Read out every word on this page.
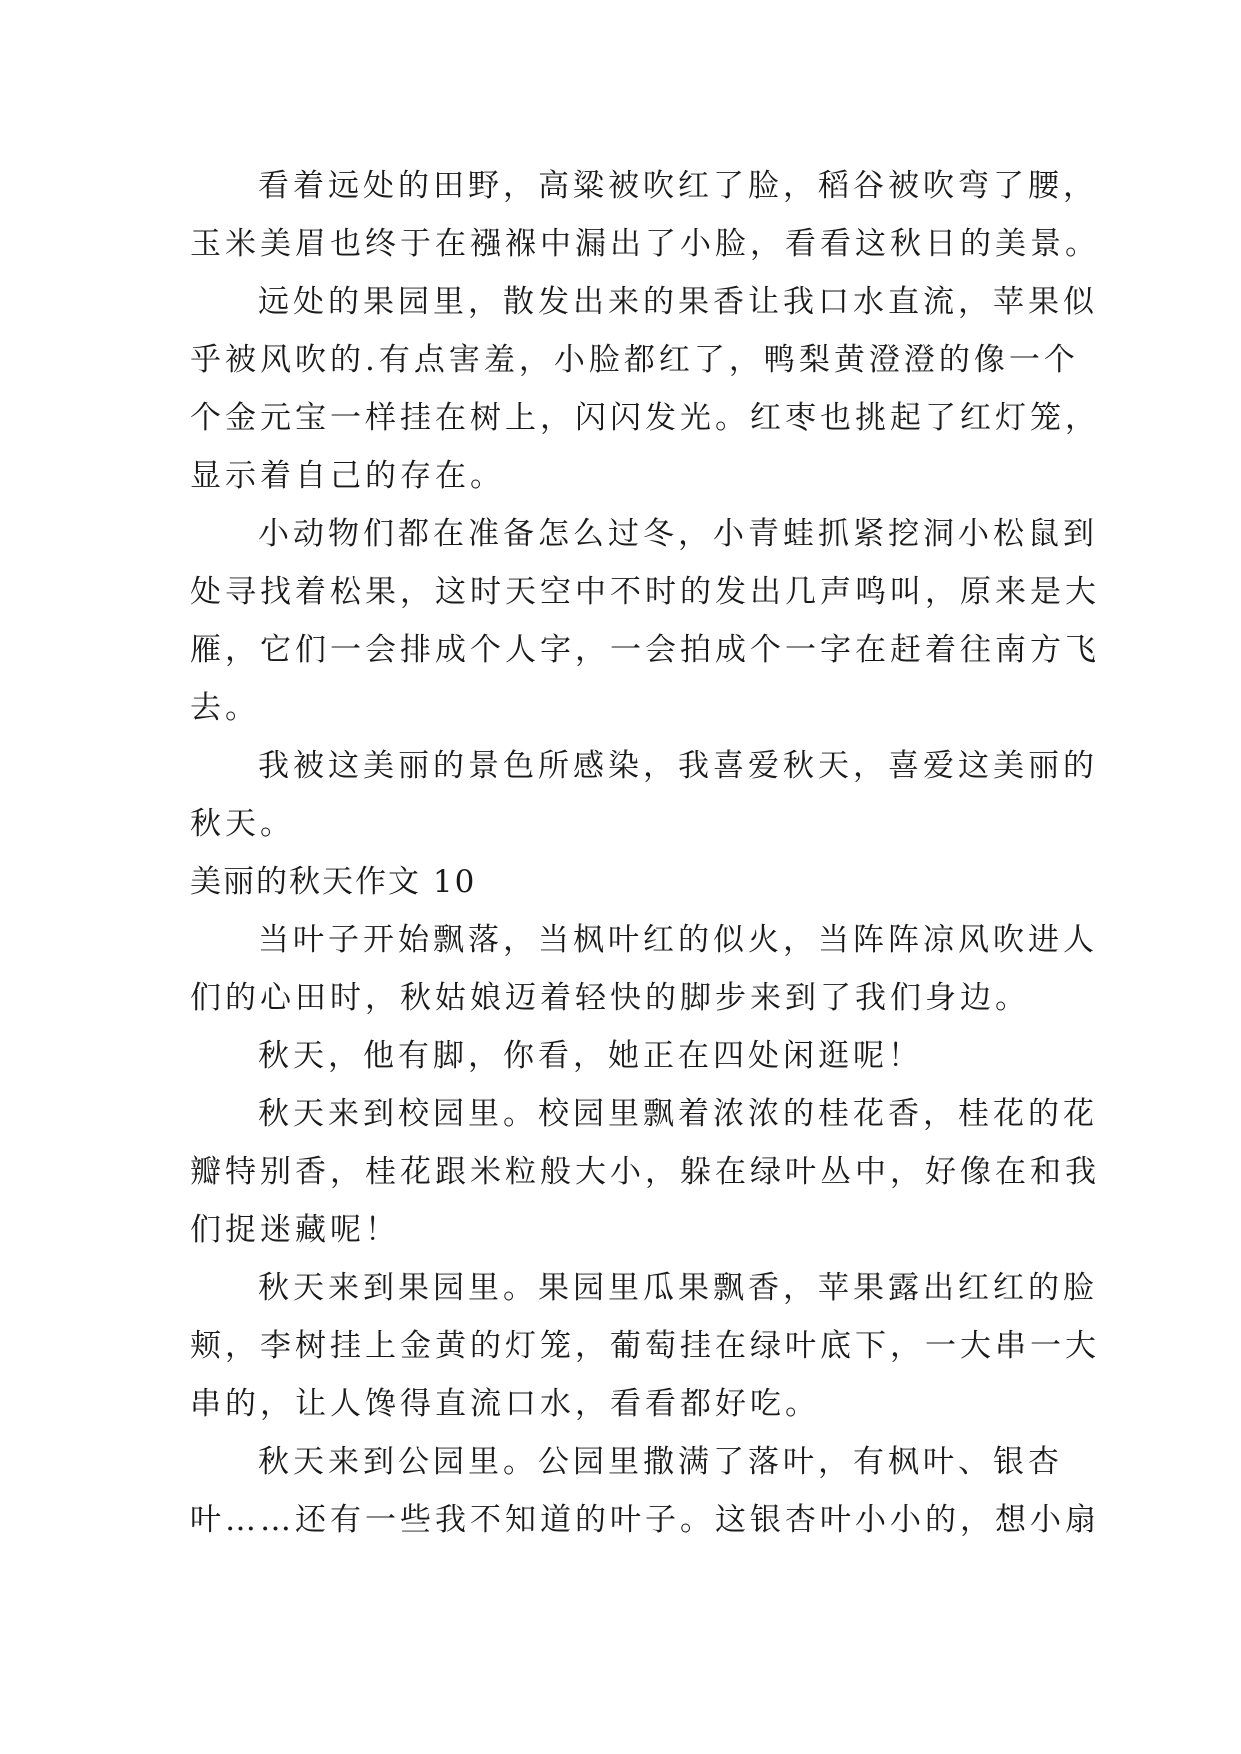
看着远处的田野，高粱被吹红了脸，稻谷被吹弯了腰，
玉米美眉也终于在襁褓中漏出了小脸，看看这秋日的美景。
远处的果园里，散发出来的果香让我口水直流，苹果似
乎被风吹的.有点害羞，小脸都红了，鸭梨黄澄澄的像一个
个金元宝一样挂在树上，闪闪发光。红枣也挑起了红灯笼，
显示着自己的存在。
小动物们都在准备怎么过冬，小青蛙抓紧挖洞小松鼠到
处寻找着松果，这时天空中不时的发出几声鸣叫，原来是大
雁，它们一会排成个人字，一会拍成个一字在赶着往南方飞
去。
我被这美丽的景色所感染，我喜爱秋天，喜爱这美丽的
秋天。
美丽的秋天作文 10
当叶子开始飘落，当枫叶红的似火，当阵阵凉风吹进人
们的心田时，秋姑娘迈着轻快的脚步来到了我们身边。
秋天，他有脚，你看，她正在四处闲逛呢！
秋天来到校园里。校园里飘着浓浓的桂花香，桂花的花
瓣特别香，桂花跟米粒般大小，躲在绿叶丛中，好像在和我
们捉迷藏呢！
秋天来到果园里。果园里瓜果飘香，苹果露出红红的脸
颊，李树挂上金黄的灯笼，葡萄挂在绿叶底下，一大串一大
串的，让人馋得直流口水，看看都好吃。
秋天来到公园里。公园里撒满了落叶，有枫叶、银杏
叶……还有一些我不知道的叶子。这银杏叶小小的，想小扇
